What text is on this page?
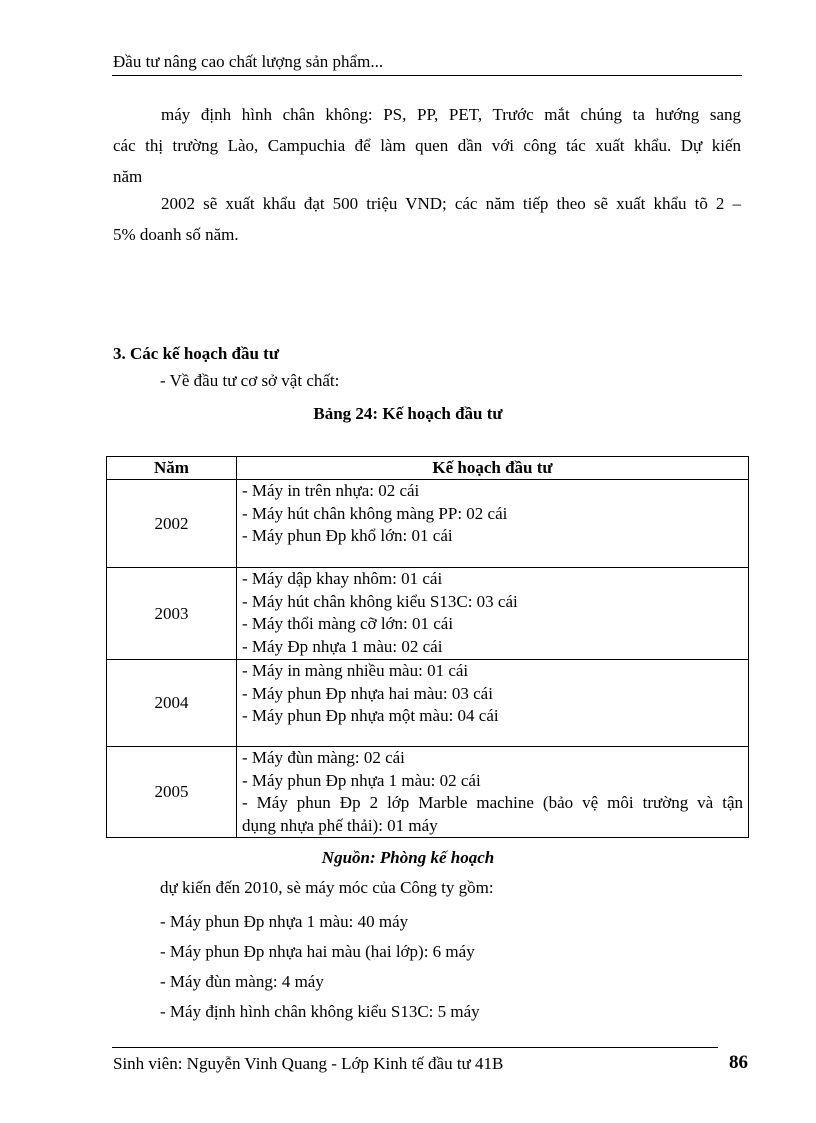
Đầu tư nâng cao chất lượng sản phẩm...
máy định hình chân không: PS, PP, PET, Trước mắt chúng ta hướng sang
các thị trường Lào, Campuchia để làm quen dần với công tác xuất khẩu. Dự kiến
năm
2002 sẽ xuất khẩu đạt 500 triệu VND; các năm tiếp theo sẽ xuất khẩu tõ 2 –
5% doanh số năm.
3. Các kế hoạch đầu tư
- Về đầu tư cơ sở vật chất:
Bảng 24: Kế hoạch đầu tư
Năm	Kế hoạch đầu tư
2002	- Máy in trên nhựa: 02 cái
- Máy hút chân không màng PP: 02 cái
- Máy phun Đp khổ lớn: 01 cái

2003	- Máy dập khay nhôm: 01 cái
- Máy hút chân không kiểu S13C: 03 cái
- Máy thổi màng cỡ lớn: 01 cái
- Máy Đp nhựa 1 màu: 02 cái

2004	- Máy in màng nhiều màu: 01 cái
- Máy phun Đp nhựa hai màu: 03 cái
- Máy phun Đp nhựa một màu: 04 cái

2005	- Máy đùn màng: 02 cái
- Máy phun Đp nhựa 1 màu: 02 cái
- Máy phun Đp 2 lớp Marble machine (bảo vệ môi trường và tận
dụng nhựa phế thải): 01 máy
Nguồn: Phòng kế hoạch
dự kiến đến 2010, sè máy móc của Công ty gồm:
- Máy phun Đp nhựa 1 màu: 40 máy
- Máy phun Đp nhựa hai màu (hai lớp): 6 máy
- Máy đùn màng: 4 máy
- Máy định hình chân không kiểu S13C: 5 máy
Sinh viên: Nguyễn Vinh Quang - Lớp Kinh tế đầu tư 41B	86
